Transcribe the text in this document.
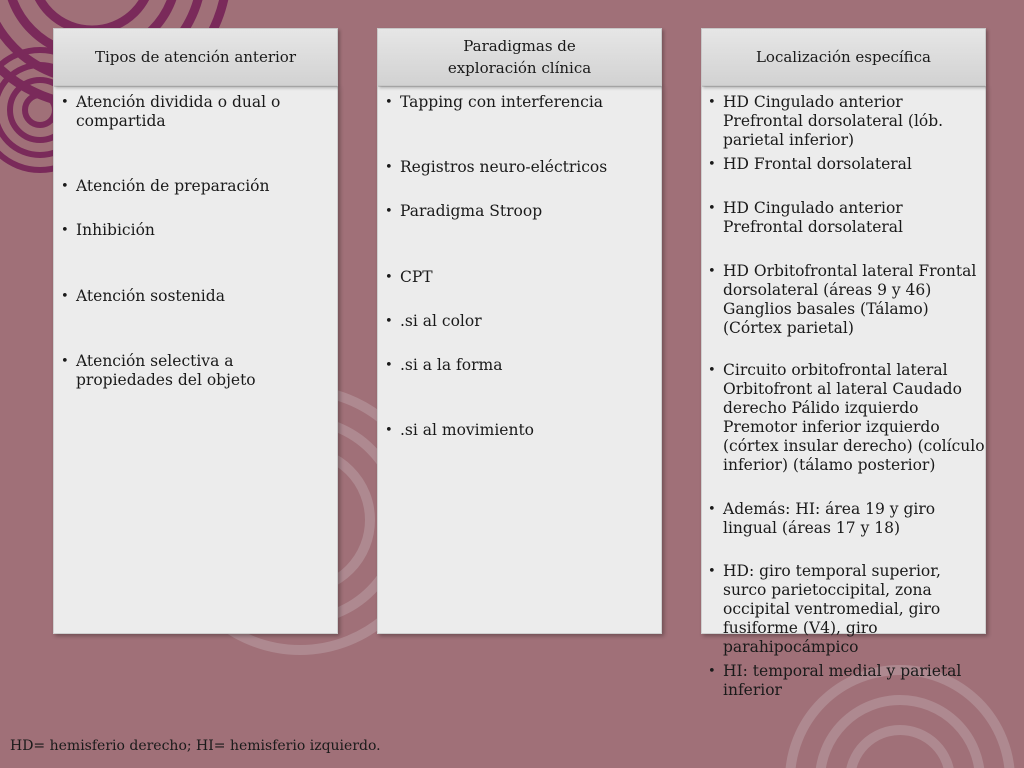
Tipos de atención anterior
• Atención dividida o dual o compartida
• Atención de preparación
• Inhibición
• Atención sostenida
• Atención selectiva a propiedades del objeto
Paradigmas de
exploración clínica
• Tapping con interferencia
• Registros neuro-eléctricos
• Paradigma Stroop
• CPT
• .si al color
• .si a la forma
• .si al movimiento
Localización específica
• HD Cingulado anterior Prefrontal dorsolateral (lób. parietal inferior)
• HD Frontal dorsolateral
• HD Cingulado anterior Prefrontal dorsolateral
• HD Orbitofrontal lateral Frontal dorsolateral (áreas 9 y 46) Ganglios basales (Tálamo) (Córtex parietal)
• Circuito orbitofrontal lateral Orbitofront al lateral Caudado derecho Pálido izquierdo Premotor inferior izquierdo (córtex insular derecho) (colículo inferior) (tálamo posterior)
• Además: HI: área 19 y giro lingual (áreas 17 y 18)
• HD: giro temporal superior, surco parietoccipital, zona occipital ventromedial, giro fusiforme (V4), giro parahipocámpico
• HI: temporal medial y parietal inferior
HD= hemisferio derecho; HI= hemisferio izquierdo.
